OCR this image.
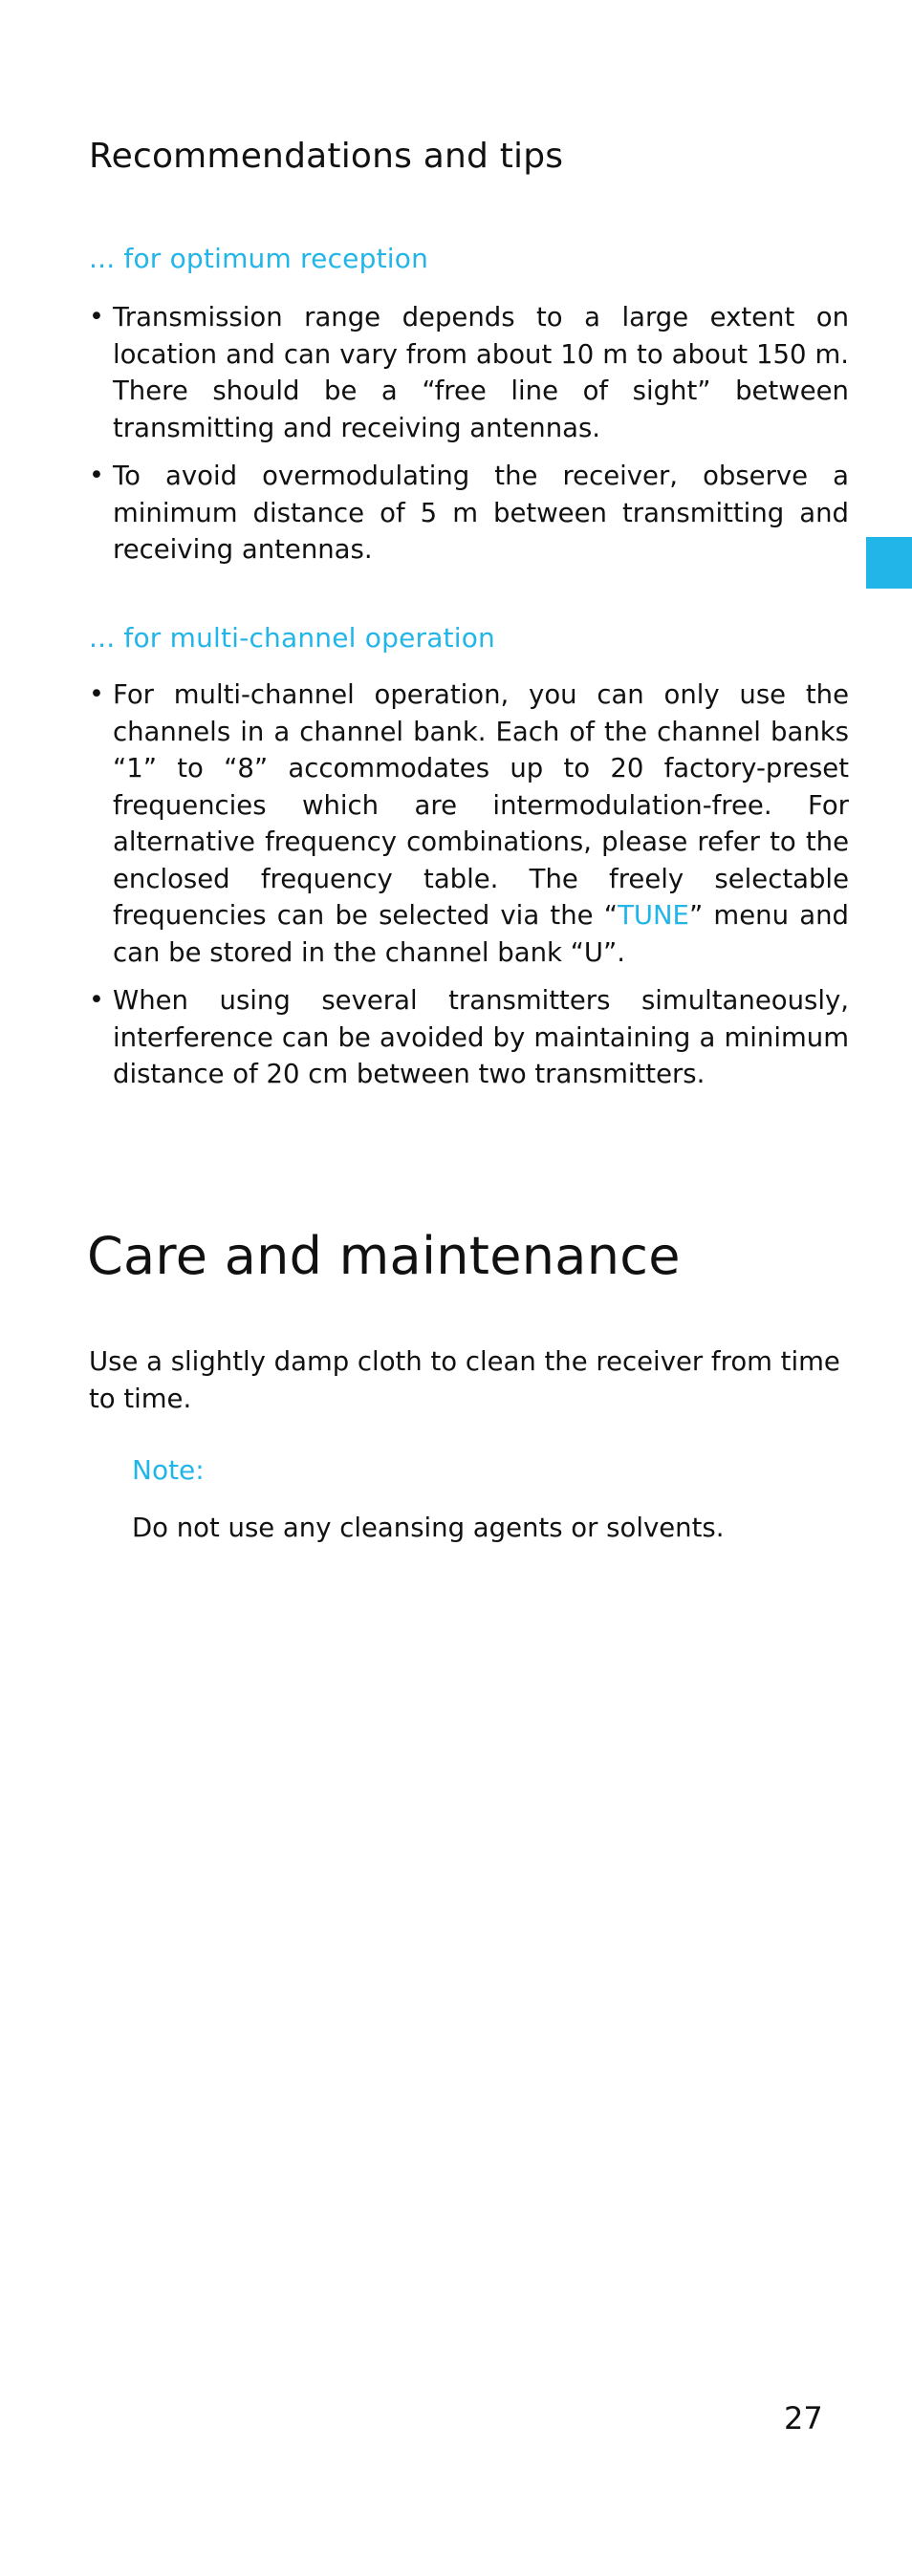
Recommendations and tips
... for optimum reception
• Transmission range depends to a large extent on location and can vary from about 10 m to about 150 m. There should be a “free line of sight” between transmitting and receiving antennas.
• To avoid overmodulating the receiver, observe a minimum distance of 5 m between transmitting and receiving antennas.
... for multi-channel operation
• For multi-channel operation, you can only use the channels in a channel bank. Each of the channel banks “1” to “8” accommodates up to 20 factory-preset frequencies which are intermodulation-free. For alternative frequency combinations, please refer to the enclosed frequency table. The freely selectable frequencies can be selected via the “TUNE” menu and can be stored in the channel bank “U”.
• When using several transmitters simultaneously, interference can be avoided by maintaining a minimum distance of 20 cm between two transmitters.
Care and maintenance

Use a slightly damp cloth to clean the receiver from time to time.

Note:

Do not use any cleansing agents or solvents.

27
